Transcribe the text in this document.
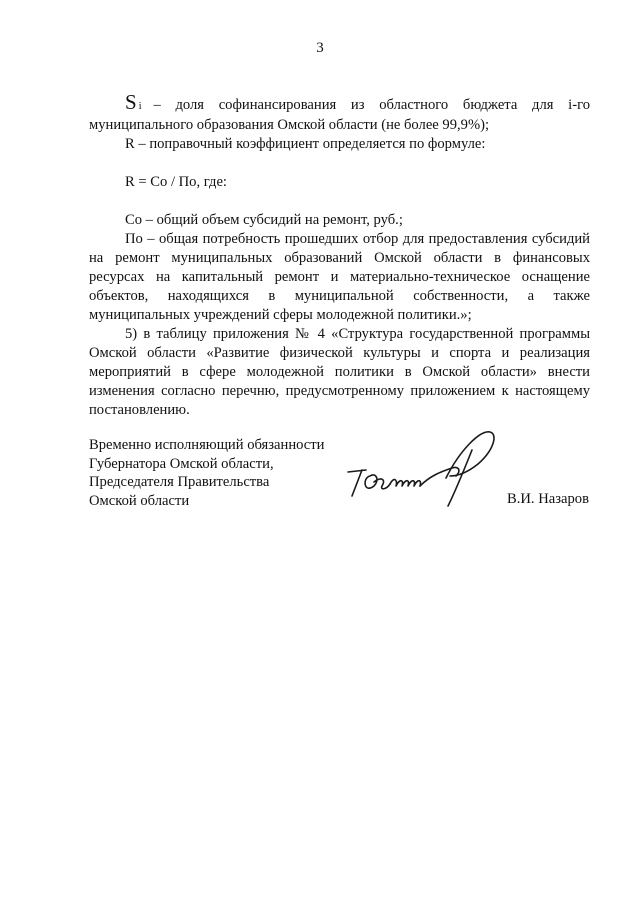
3
S i – доля софинансирования из областного бюджета для i-го

муниципального образования Омской области (не более 99,9%);

R – поправочный коэффициент определяется по формуле:

R = Со / По, где:

Со – общий объем субсидий на ремонт, руб.;

По – общая потребность прошедших отбор для предоставления субсидий на ремонт муниципальных образований Омской области в финансовых ресурсах на капитальный ремонт и материально-техническое оснащение объектов, находящихся в муниципальной собственности, а также муниципальных учреждений сферы молодежной политики.»;

5) в таблицу приложения № 4 «Структура государственной программы Омской области «Развитие физической культуры и спорта и реализация мероприятий в сфере молодежной политики в Омской области» внести изменения согласно перечню, предусмотренному приложением к настоящему постановлению.

Временно исполняющий обязанности
Губернатора Омской области,
Председателя Правительства
Омской области	В.И. Назаров
